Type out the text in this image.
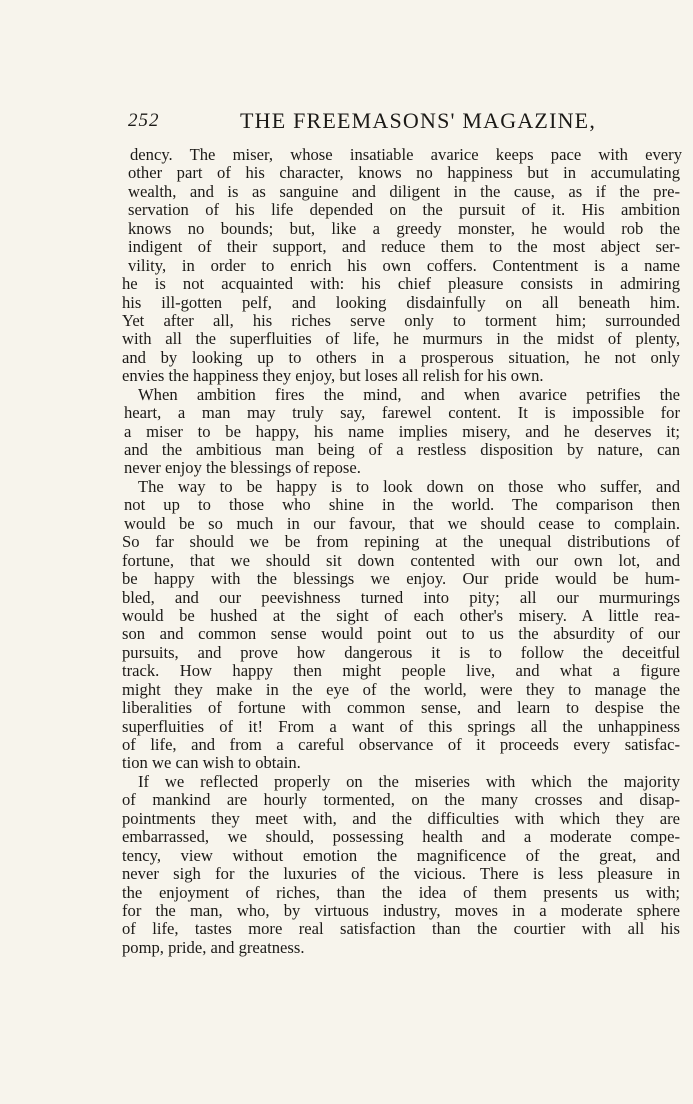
252	THE FREEMASONS' MAGAZINE,
dency. The miser, whose insatiable avarice keeps pace with every
other part of his character, knows no happiness but in accumulating
wealth, and is as sanguine and diligent in the cause, as if the pre-
servation of his life depended on the pursuit of it. His ambition
knows no bounds; but, like a greedy monster, he would rob the
indigent of their support, and reduce them to the most abject ser-
vility, in order to enrich his own coffers. Contentment is a name
he is not acquainted with: his chief pleasure consists in admiring
his ill-gotten pelf, and looking disdainfully on all beneath him.
Yet after all, his riches serve only to torment him; surrounded
with all the superfluities of life, he murmurs in the midst of plenty,
and by looking up to others in a prosperous situation, he not only
envies the happiness they enjoy, but loses all relish for his own.
When ambition fires the mind, and when avarice petrifies the
heart, a man may truly say, farewel content. It is impossible for
a miser to be happy, his name implies misery, and he deserves it;
and the ambitious man being of a restless disposition by nature, can
never enjoy the blessings of repose.
The way to be happy is to look down on those who suffer, and
not up to those who shine in the world. The comparison then
would be so much in our favour, that we should cease to complain.
So far should we be from repining at the unequal distributions of
fortune, that we should sit down contented with our own lot, and
be happy with the blessings we enjoy. Our pride would be hum-
bled, and our peevishness turned into pity; all our murmurings
would be hushed at the sight of each other's misery. A little rea-
son and common sense would point out to us the absurdity of our
pursuits, and prove how dangerous it is to follow the deceitful
track. How happy then might people live, and what a figure
might they make in the eye of the world, were they to manage the
liberalities of fortune with common sense, and learn to despise the
superfluities of it! From a want of this springs all the unhappiness
of life, and from a careful observance of it proceeds every satisfac-
tion we can wish to obtain.
If we reflected properly on the miseries with which the majority
of mankind are hourly tormented, on the many crosses and disap-
pointments they meet with, and the difficulties with which they are
embarrassed, we should, possessing health and a moderate compe-
tency, view without emotion the magnificence of the great, and
never sigh for the luxuries of the vicious. There is less pleasure in
the enjoyment of riches, than the idea of them presents us with;
for the man, who, by virtuous industry, moves in a moderate sphere
of life, tastes more real satisfaction than the courtier with all his
pomp, pride, and greatness.
